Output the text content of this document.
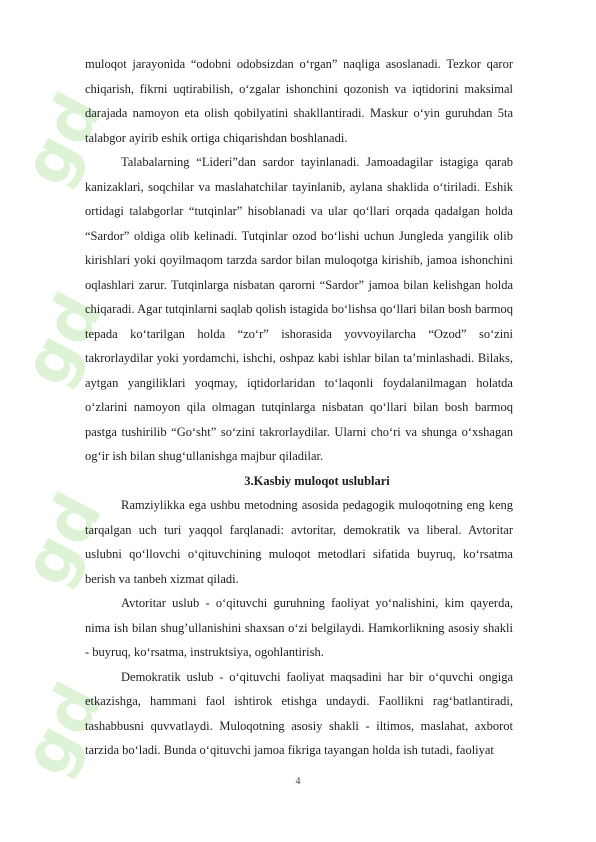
gd
gd
gd
gd

muloqot jarayonida “odobni odobsizdan o‘rgan” naqliga asoslanadi. Tezkor qaror chiqarish, fikrni uqtirabilish, o‘zgalar ishonchini qozonish va iqtidorini maksimal darajada namoyon eta olish qobilyatini shakllantiradi. Maskur o‘yin guruhdan 5ta talabgor ayirib eshik ortiga chiqarishdan boshlanadi.

Talabalarning “Lideri”dan sardor tayinlanadi. Jamoadagilar istagiga qarab kanizaklari, soqchilar va maslahatchilar tayinlanib, aylana shaklida o‘tiriladi. Eshik ortidagi talabgorlar “tutqinlar” hisoblanadi va ular qo‘llari orqada qadalgan holda “Sardor” oldiga olib kelinadi. Tutqinlar ozod bo‘lishi uchun Jungleda yangilik olib kirishlari yoki qoyilmaqom tarzda sardor bilan muloqotga kirishib, jamoa ishonchini oqlashlari zarur. Tutqinlarga nisbatan qarorni “Sardor” jamoa bilan kelishgan holda chiqaradi. Agar tutqinlarni saqlab qolish istagida bo‘lishsa qo‘llari bilan bosh barmoq tepada ko‘tarilgan holda “zo‘r” ishorasida yovvoyilarcha “Ozod” so‘zini takrorlaydilar yoki yordamchi, ishchi, oshpaz kabi ishlar bilan ta’minlashadi. Bilaks, aytgan yangiliklari yoqmay, iqtidorlaridan to‘laqonli foydalanilmagan holatda o‘zlarini namoyon qila olmagan tutqinlarga nisbatan qo‘llari bilan bosh barmoq pastga tushirilib “Go‘sht” so‘zini takrorlaydilar. Ularni cho‘ri va shunga o‘xshagan og‘ir ish bilan shug‘ullanishga majbur qiladilar.

3.Kasbiy muloqot uslublari

Ramziylikka ega ushbu metodning asosida pedagogik muloqotning eng keng tarqalgan uch turi yaqqol farqlanadi: avtoritar, demokratik va liberal. Avtoritar uslubni qo‘llovchi o‘qituvchining muloqot metodlari sifatida buyruq, ko‘rsatma berish va tanbeh xizmat qiladi.

Avtoritar uslub - o‘qituvchi guruhning faoliyat yo‘nalishini, kim qayerda, nima ish bilan shug’ullanishini shaxsan o‘zi belgilaydi. Hamkorlikning asosiy shakli - buyruq, ko‘rsatma, instruktsiya, ogohlantirish.

Demokratik uslub - o‘qituvchi faoliyat maqsadini har bir o‘quvchi ongiga etkazishga, hammani faol ishtirok etishga undaydi. Faollikni rag‘batlantiradi, tashabbusni quvvatlaydi. Muloqotning asosiy shakli - iltimos, maslahat, axborot tarzida bo‘ladi. Bunda o‘qituvchi jamoa fikriga tayangan holda ish tutadi, faoliyat

4
